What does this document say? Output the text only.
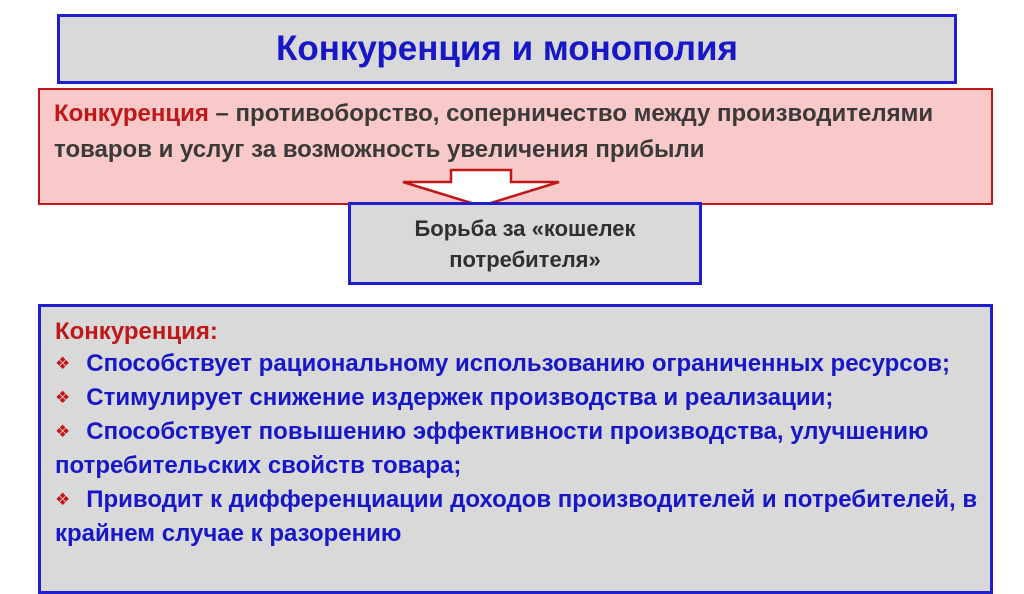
Конкуренция и монополия

Конкуренция – противоборство, соперничество между производителями товаров и услуг за возможность увеличения прибыли

Борьба за «кошелек
потребителя»

Конкуренция:

❖ Способствует рациональному использованию ограниченных ресурсов;
❖ Стимулирует снижение издержек производства и реализации;
❖ Способствует повышению эффективности производства, улучшению потребительских свойств товара;
❖ Приводит к дифференциации доходов производителей и потребителей, в крайнем случае к разорению
